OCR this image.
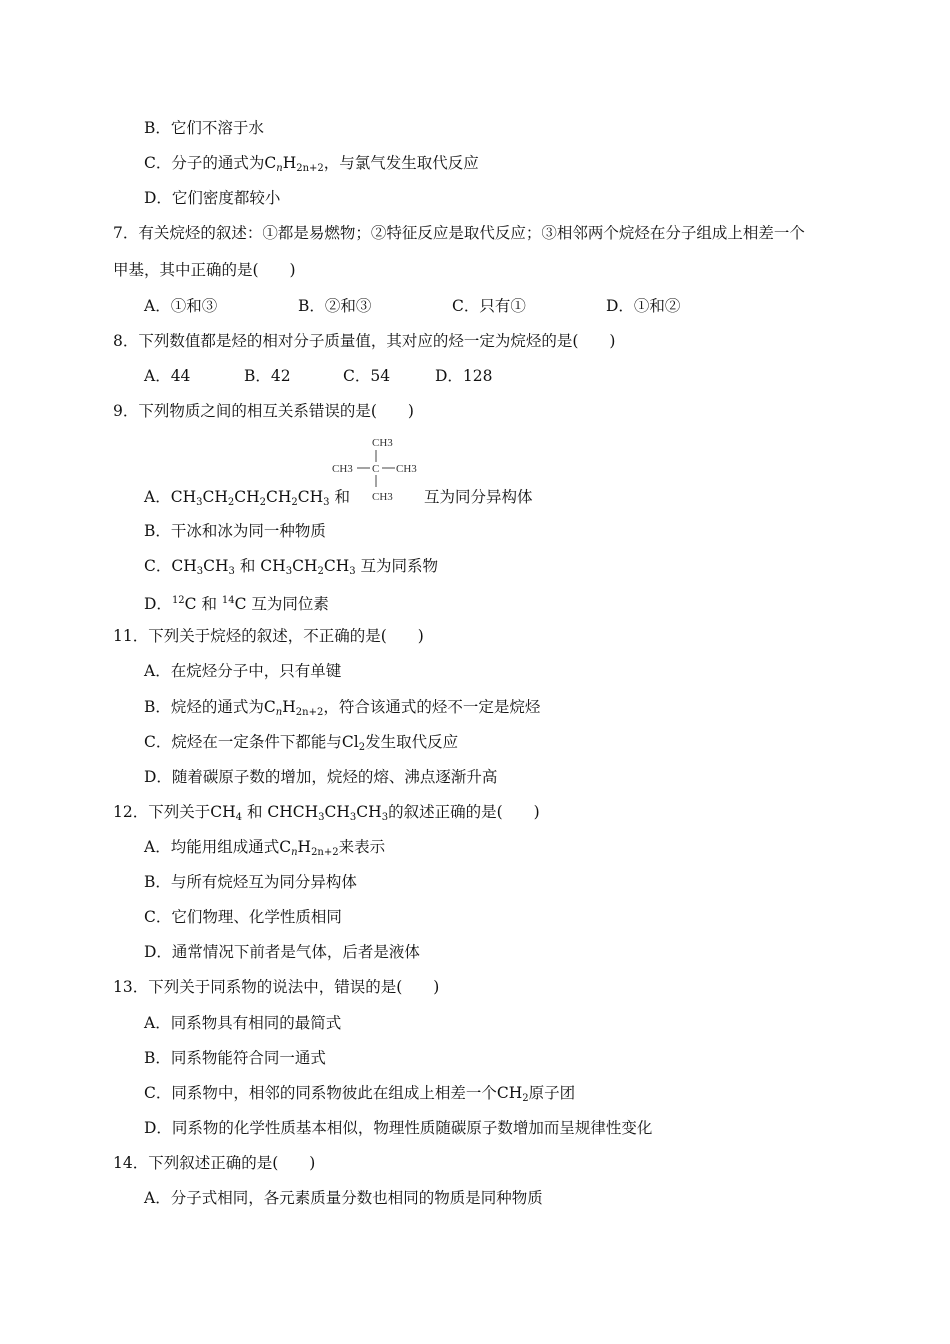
B．它们不溶于水
C．分子的通式为$C_nH_{2n+2}$，与氯气发生取代反应
D．它们密度都较小
7．有关烷烃的叙述：①都是易燃物；②特征反应是取代反应；③相邻两个烷烃在分子组成上相差一个
甲基，其中正确的是(　　)
A．①和③	B．②和③	C．只有①	D．①和②
8．下列数值都是烃的相对分子质量值，其对应的烃一定为烷烃的是(　　)
A．44	B．42	C．54	D．128
9．下列物质之间的相互关系错误的是(　　)
CH3
CH3 C CH3
CH3
A．$CH_3CH_2CH_2CH_2CH_3$ 和	互为同分异构体
B．干冰和冰为同一种物质
C．$CH_3CH_3$ 和 $CH_3CH_2CH_3$ 互为同系物
D．$^{12}$C 和 $^{14}$C 互为同位素
11．下列关于烷烃的叙述，不正确的是(　　)
A．在烷烃分子中，只有单键
B．烷烃的通式为$C_nH_{2n+2}$，符合该通式的烃不一定是烷烃
C．烷烃在一定条件下都能与$Cl_2$发生取代反应
D．随着碳原子数的增加，烷烃的熔、沸点逐渐升高
12．下列关于$CH_4$ 和 $CHCH_3CH_3CH_3$的叙述正确的是(　　)
A．均能用组成通式$C_nH_{2n+2}$来表示
B．与所有烷烃互为同分异构体
C．它们物理、化学性质相同
D．通常情况下前者是气体，后者是液体
13．下列关于同系物的说法中，错误的是(　　)
A．同系物具有相同的最简式
B．同系物能符合同一通式
C．同系物中，相邻的同系物彼此在组成上相差一个$CH_2$原子团
D．同系物的化学性质基本相似，物理性质随碳原子数增加而呈规律性变化
14．下列叙述正确的是(　　)
A．分子式相同，各元素质量分数也相同的物质是同种物质
